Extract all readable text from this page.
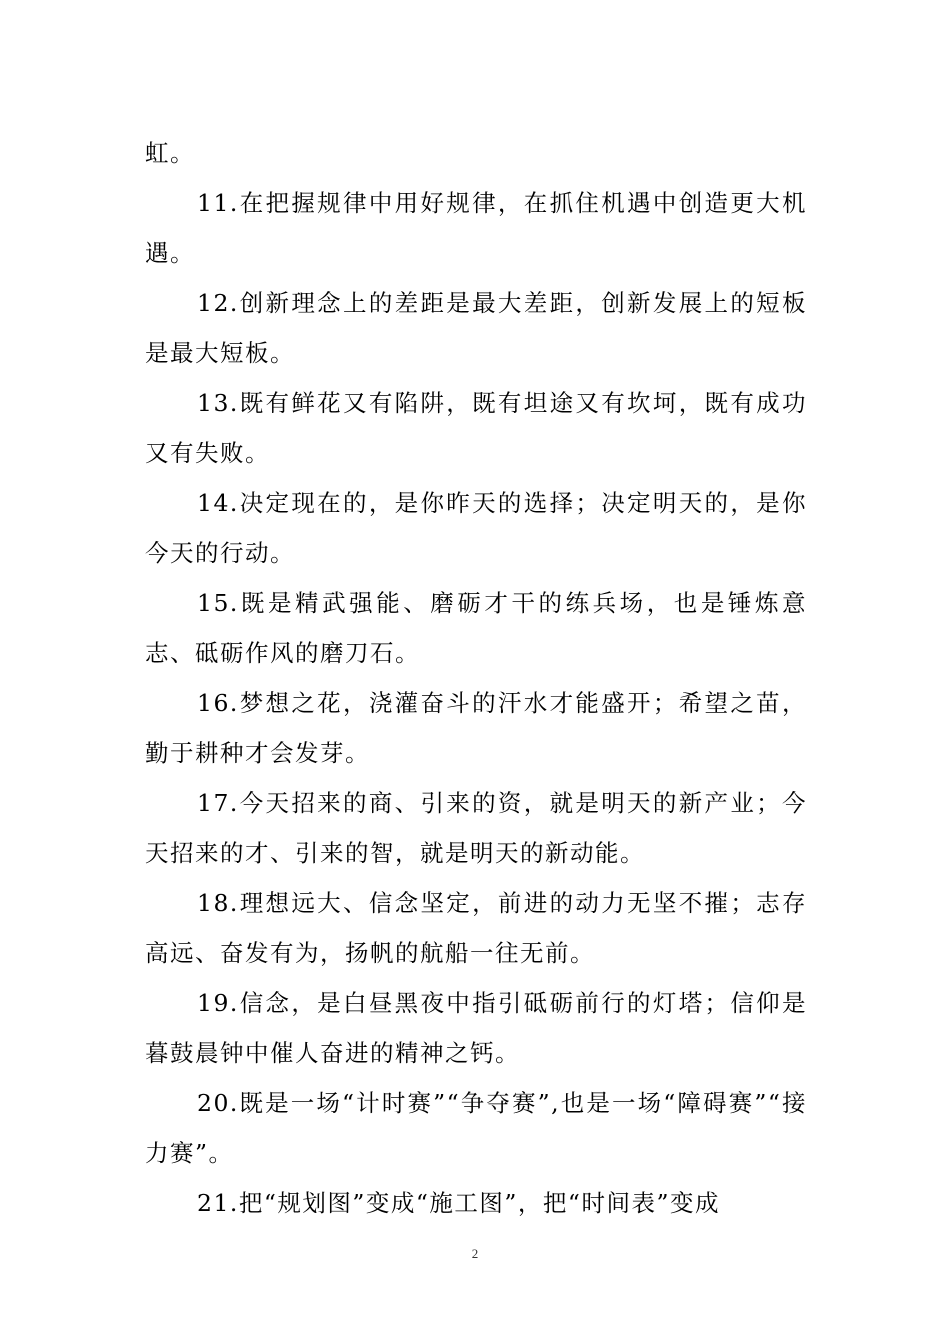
虹。

11.在把握规律中用好规律，在抓住机遇中创造更大机遇。

12.创新理念上的差距是最大差距，创新发展上的短板是最大短板。

13.既有鲜花又有陷阱，既有坦途又有坎坷，既有成功又有失败。

14.决定现在的，是你昨天的选择；决定明天的，是你今天的行动。

15.既是精武强能、磨砺才干的练兵场，也是锤炼意志、砥砺作风的磨刀石。

16.梦想之花，浇灌奋斗的汗水才能盛开；希望之苗，勤于耕种才会发芽。

17.今天招来的商、引来的资，就是明天的新产业；今天招来的才、引来的智，就是明天的新动能。

18.理想远大、信念坚定，前进的动力无坚不摧；志存高远、奋发有为，扬帆的航船一往无前。

19.信念，是白昼黑夜中指引砥砺前行的灯塔；信仰是暮鼓晨钟中催人奋进的精神之钙。

20.既是一场“计时赛”“争夺赛”,也是一场“障碍赛”“接力赛”。

21.把“规划图”变成“施工图”，把“时间表”变成

2
